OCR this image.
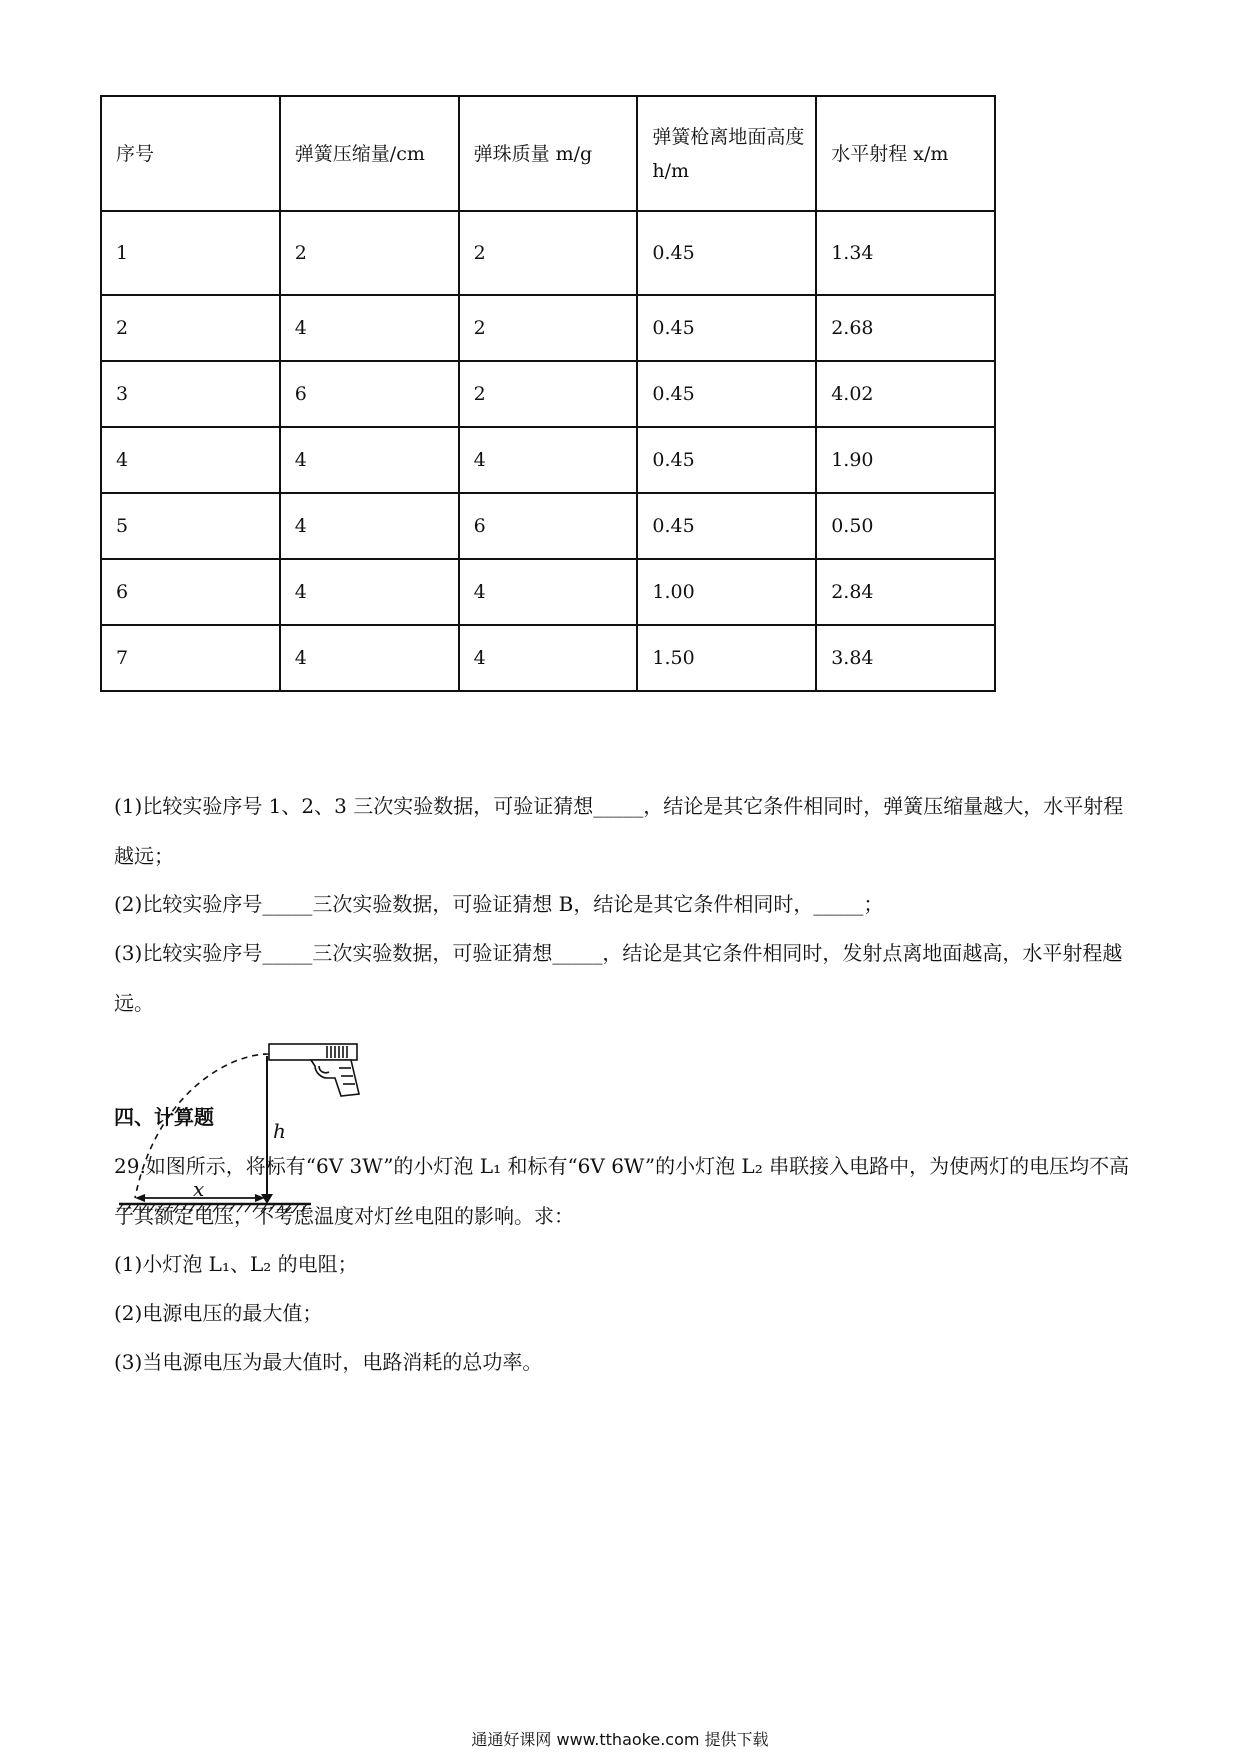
序号	弹簧压缩量/cm	弹珠质量 m/g	弹簧枪离地面高度 h/m	水平射程 x/m
1	2	2	0.45	1.34
2	4	2	0.45	2.68
3	6	2	0.45	4.02
4	4	4	0.45	1.90
5	4	6	0.45	0.50
6	4	4	1.00	2.84
7	4	4	1.50	3.84

(1)比较实验序号 1、2、3 三次实验数据，可验证猜想_____，结论是其它条件相同时，弹簧压缩量越大，水平射程越远；

(2)比较实验序号_____三次实验数据，可验证猜想 B，结论是其它条件相同时，_____；

(3)比较实验序号_____三次实验数据，可验证猜想_____，结论是其它条件相同时，发射点离地面越高，水平射程越远。

h
x

四、计算题

29.如图所示，将标有“6V 3W”的小灯泡 L₁ 和标有“6V 6W”的小灯泡 L₂ 串联接入电路中，为使两灯的电压均不高于其额定电压，不考虑温度对灯丝电阻的影响。求：

(1)小灯泡 L₁、L₂ 的电阻；

(2)电源电压的最大值；

(3)当电源电压为最大值时，电路消耗的总功率。

通通好课网 www.tthaoke.com 提供下载
